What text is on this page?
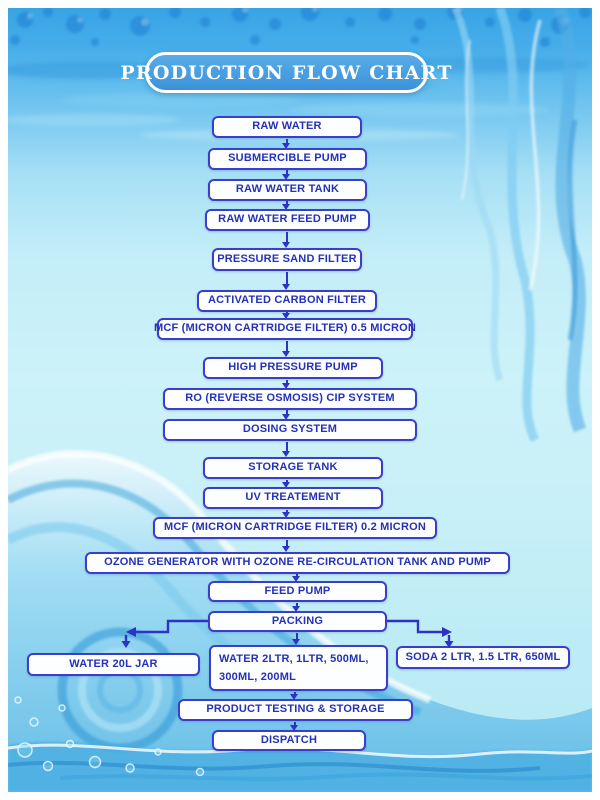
PRODUCTION FLOW CHART
RAW WATER
SUBMERCIBLE PUMP
RAW WATER TANK
RAW WATER FEED PUMP
PRESSURE SAND FILTER
ACTIVATED CARBON FILTER
MCF (MICRON CARTRIDGE FILTER) 0.5 MICRON
HIGH PRESSURE PUMP
RO (REVERSE OSMOSIS) CIP SYSTEM
DOSING SYSTEM
STORAGE TANK
UV TREATEMENT
MCF (MICRON CARTRIDGE FILTER) 0.2 MICRON
OZONE GENERATOR WITH OZONE RE-CIRCULATION TANK AND PUMP
FEED PUMP
PACKING
WATER 20L JAR	WATER 2LTR, 1LTR, 500ML, 300ML, 200ML
SODA 2 LTR, 1.5 LTR, 650ML
PRODUCT TESTING & STORAGE
DISPATCH
